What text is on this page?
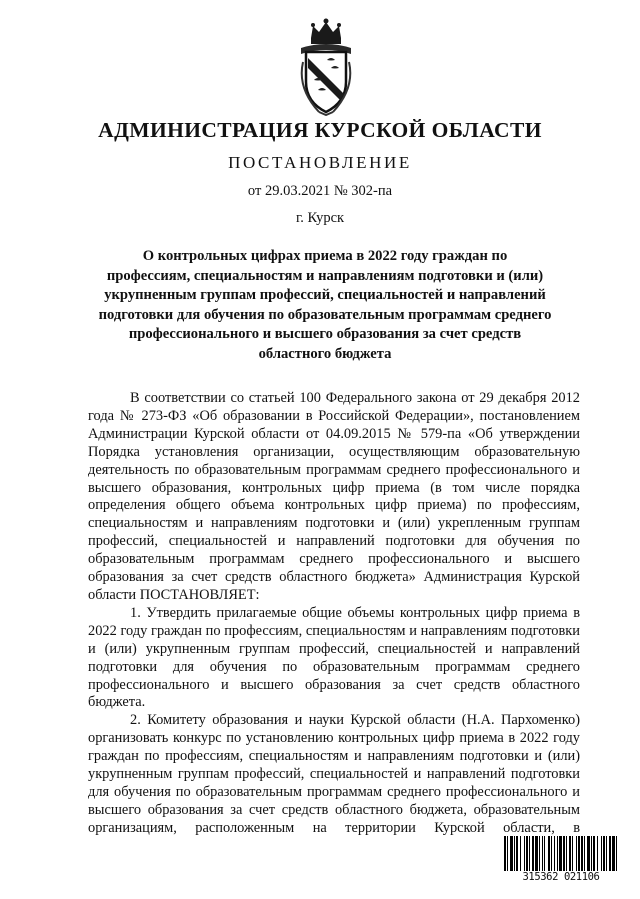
АДМИНИСТРАЦИЯ КУРСКОЙ ОБЛАСТИ
ПОСТАНОВЛЕНИЕ
от 29.03.2021 № 302-па
г. Курск
О контрольных цифрах приема в 2022 году граждан по
профессиям, специальностям и направлениям подготовки и (или)
укрупненным группам профессий, специальностей и направлений
подготовки для обучения по образовательным программам среднего
профессионального и высшего образования за счет средств
областного бюджета

В соответствии со статьей 100 Федерального закона от 29 декабря 2012 года № 273-ФЗ «Об образовании в Российской Федерации», постановлением Администрации Курской области от 04.09.2015 № 579-па «Об утверждении Порядка установления организации, осуществляющим образовательную деятельность по образовательным программам среднего профессионального и высшего образования, контрольных цифр приема (в том числе порядка определения общего объема контрольных цифр приема) по профессиям, специальностям и направлениям подготовки и (или) укрепленным группам профессий, специальностей и направлений подготовки для обучения по образовательным программам среднего профессионального и высшего образования за счет средств областного бюджета» Администрация Курской области ПОСТАНОВЛЯЕТ:

1. Утвердить прилагаемые общие объемы контрольных цифр приема в 2022 году граждан по профессиям, специальностям и направлениям подготовки и (или) укрупненным группам профессий, специальностей и направлений подготовки для обучения по образовательным программам среднего профессионального и высшего образования за счет средств областного бюджета.

2. Комитету образования и науки Курской области (Н.А. Пархоменко) организовать конкурс по установлению контрольных цифр приема в 2022 году граждан по профессиям, специальностям и направлениям подготовки и (или) укрупненным группам профессий, специальностей и направлений подготовки для обучения по образовательным программам среднего профессионального и высшего образования за счет средств областного бюджета, образовательным организациям, расположенным на территории Курской области, в

315362 021106
